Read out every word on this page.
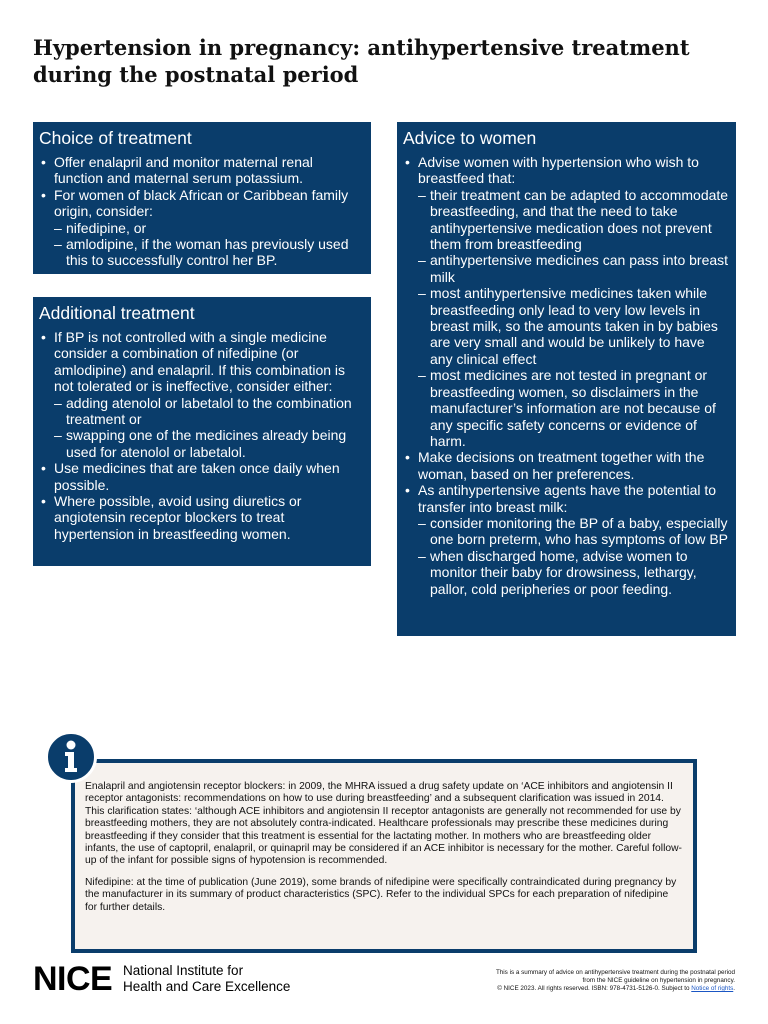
Hypertension in pregnancy: antihypertensive treatment during the postnatal period
Choice of treatment
• Offer enalapril and monitor maternal renal function and maternal serum potassium.
• For women of black African or Caribbean family origin, consider:
– nifedipine, or
– amlodipine, if the woman has previously used this to successfully control her BP.
Additional treatment
• If BP is not controlled with a single medicine consider a combination of nifedipine (or amlodipine) and enalapril. If this combination is not tolerated or is ineffective, consider either:
– adding atenolol or labetalol to the combination treatment or
– swapping one of the medicines already being used for atenolol or labetalol.
• Use medicines that are taken once daily when possible.
• Where possible, avoid using diuretics or angiotensin receptor blockers to treat hypertension in breastfeeding women.
Advice to women
• Advise women with hypertension who wish to breastfeed that:
– their treatment can be adapted to accommodate breastfeeding, and that the need to take antihypertensive medication does not prevent them from breastfeeding
– antihypertensive medicines can pass into breast milk
– most antihypertensive medicines taken while breastfeeding only lead to very low levels in breast milk, so the amounts taken in by babies are very small and would be unlikely to have any clinical effect
– most medicines are not tested in pregnant or breastfeeding women, so disclaimers in the manufacturer’s information are not because of any specific safety concerns or evidence of harm.
• Make decisions on treatment together with the woman, based on her preferences.
• As antihypertensive agents have the potential to transfer into breast milk:
– consider monitoring the BP of a baby, especially one born preterm, who has symptoms of low BP
– when discharged home, advise women to monitor their baby for drowsiness, lethargy, pallor, cold peripheries or poor feeding.

Enalapril and angiotensin receptor blockers: in 2009, the MHRA issued a drug safety update on ‘ACE inhibitors and angiotensin II receptor antagonists: recommendations on how to use during breastfeeding’ and a subsequent clarification was issued in 2014. This clarification states: ‘although ACE inhibitors and angiotensin II receptor antagonists are generally not recommended for use by breastfeeding mothers, they are not absolutely contra-indicated. Healthcare professionals may prescribe these medicines during breastfeeding if they consider that this treatment is essential for the lactating mother. In mothers who are breastfeeding older infants, the use of captopril, enalapril, or quinapril may be considered if an ACE inhibitor is necessary for the mother. Careful follow-up of the infant for possible signs of hypotension is recommended.

Nifedipine: at the time of publication (June 2019), some brands of nifedipine were specifically contraindicated during pregnancy by the manufacturer in its summary of product characteristics (SPC). Refer to the individual SPCs for each preparation of nifedipine for further details.

NICE National Institute for
Health and Care Excellence
This is a summary of advice on antihypertensive treatment during the postnatal period
from the NICE guideline on hypertension in pregnancy.
© NICE 2023. All rights reserved. ISBN: 978-4731-5126-0. Subject to Notice of rights.
